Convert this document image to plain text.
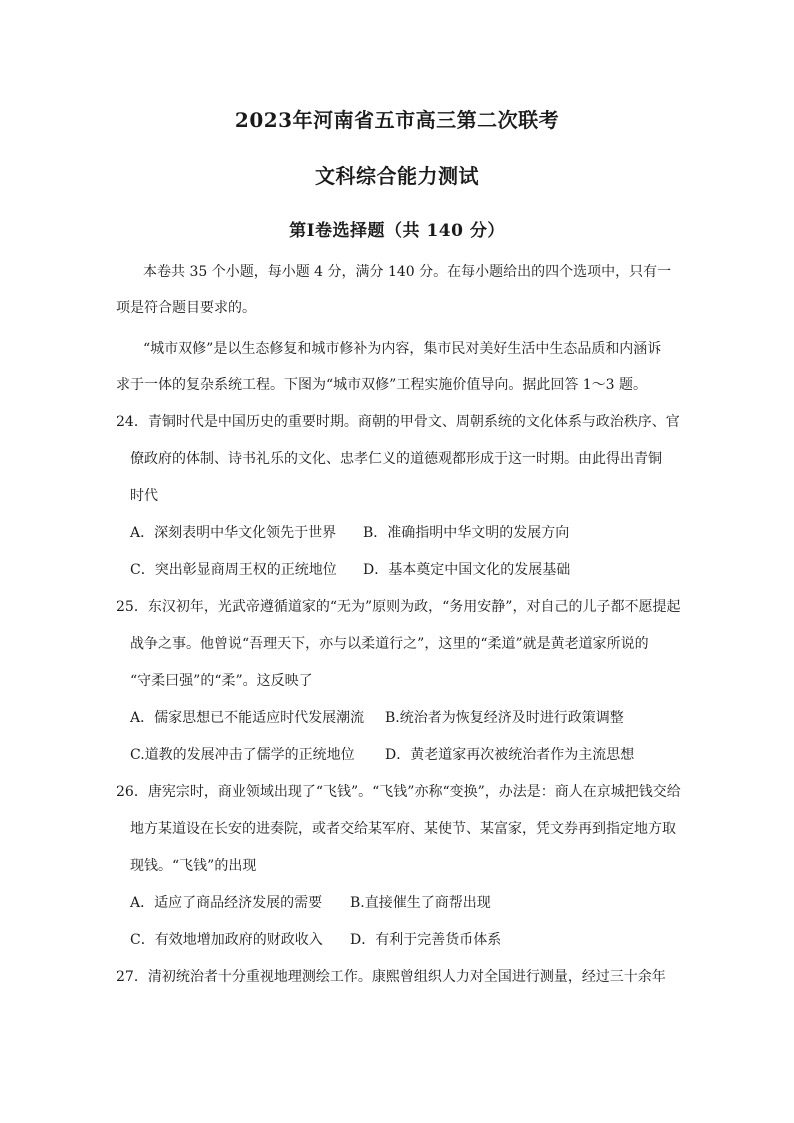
2023年河南省五市高三第二次联考
文科综合能力测试
第Ⅰ卷选择题（共 140 分）
本卷共 35 个小题，每小题 4 分，满分 140 分。在每小题给出的四个选项中，只有一
项是符合题目要求的。
“城市双修”是以生态修复和城市修补为内容，集市民对美好生活中生态品质和内涵诉
求于一体的复杂系统工程。下图为“城市双修”工程实施价值导向。据此回答 1～3 题。
24．青铜时代是中国历史的重要时期。商朝的甲骨文、周朝系统的文化体系与政治秩序、官
僚政府的体制、诗书礼乐的文化、忠孝仁义的道德观都形成于这一时期。由此得出青铜
时代
A．深刻表明中华文化领先于世界 B．准确指明中华文明的发展方向
C．突出彰显商周王权的正统地位 D．基本奠定中国文化的发展基础
25．东汉初年，光武帝遵循道家的“无为”原则为政，“务用安静”，对自己的儿子都不愿提起
战争之事。他曾说“吾理天下，亦与以柔道行之”，这里的“柔道”就是黄老道家所说的
“守柔曰强”的“柔”。这反映了
A．儒家思想已不能适应时代发展潮流 B.统治者为恢复经济及时进行政策调整
C.道教的发展冲击了儒学的正统地位 D．黄老道家再次被统治者作为主流思想
26．唐宪宗时，商业领域出现了“飞钱”。“飞钱”亦称“变换”，办法是：商人在京城把钱交给
地方某道设在长安的进奏院，或者交给某军府、某使节、某富家，凭文券再到指定地方取
现钱。“飞钱”的出现
A．适应了商品经济发展的需要 B.直接催生了商帮出现
C．有效地增加政府的财政收入 D．有利于完善货币体系
27．清初统治者十分重视地理测绘工作。康熙曾组织人力对全国进行测量，经过三十余年
